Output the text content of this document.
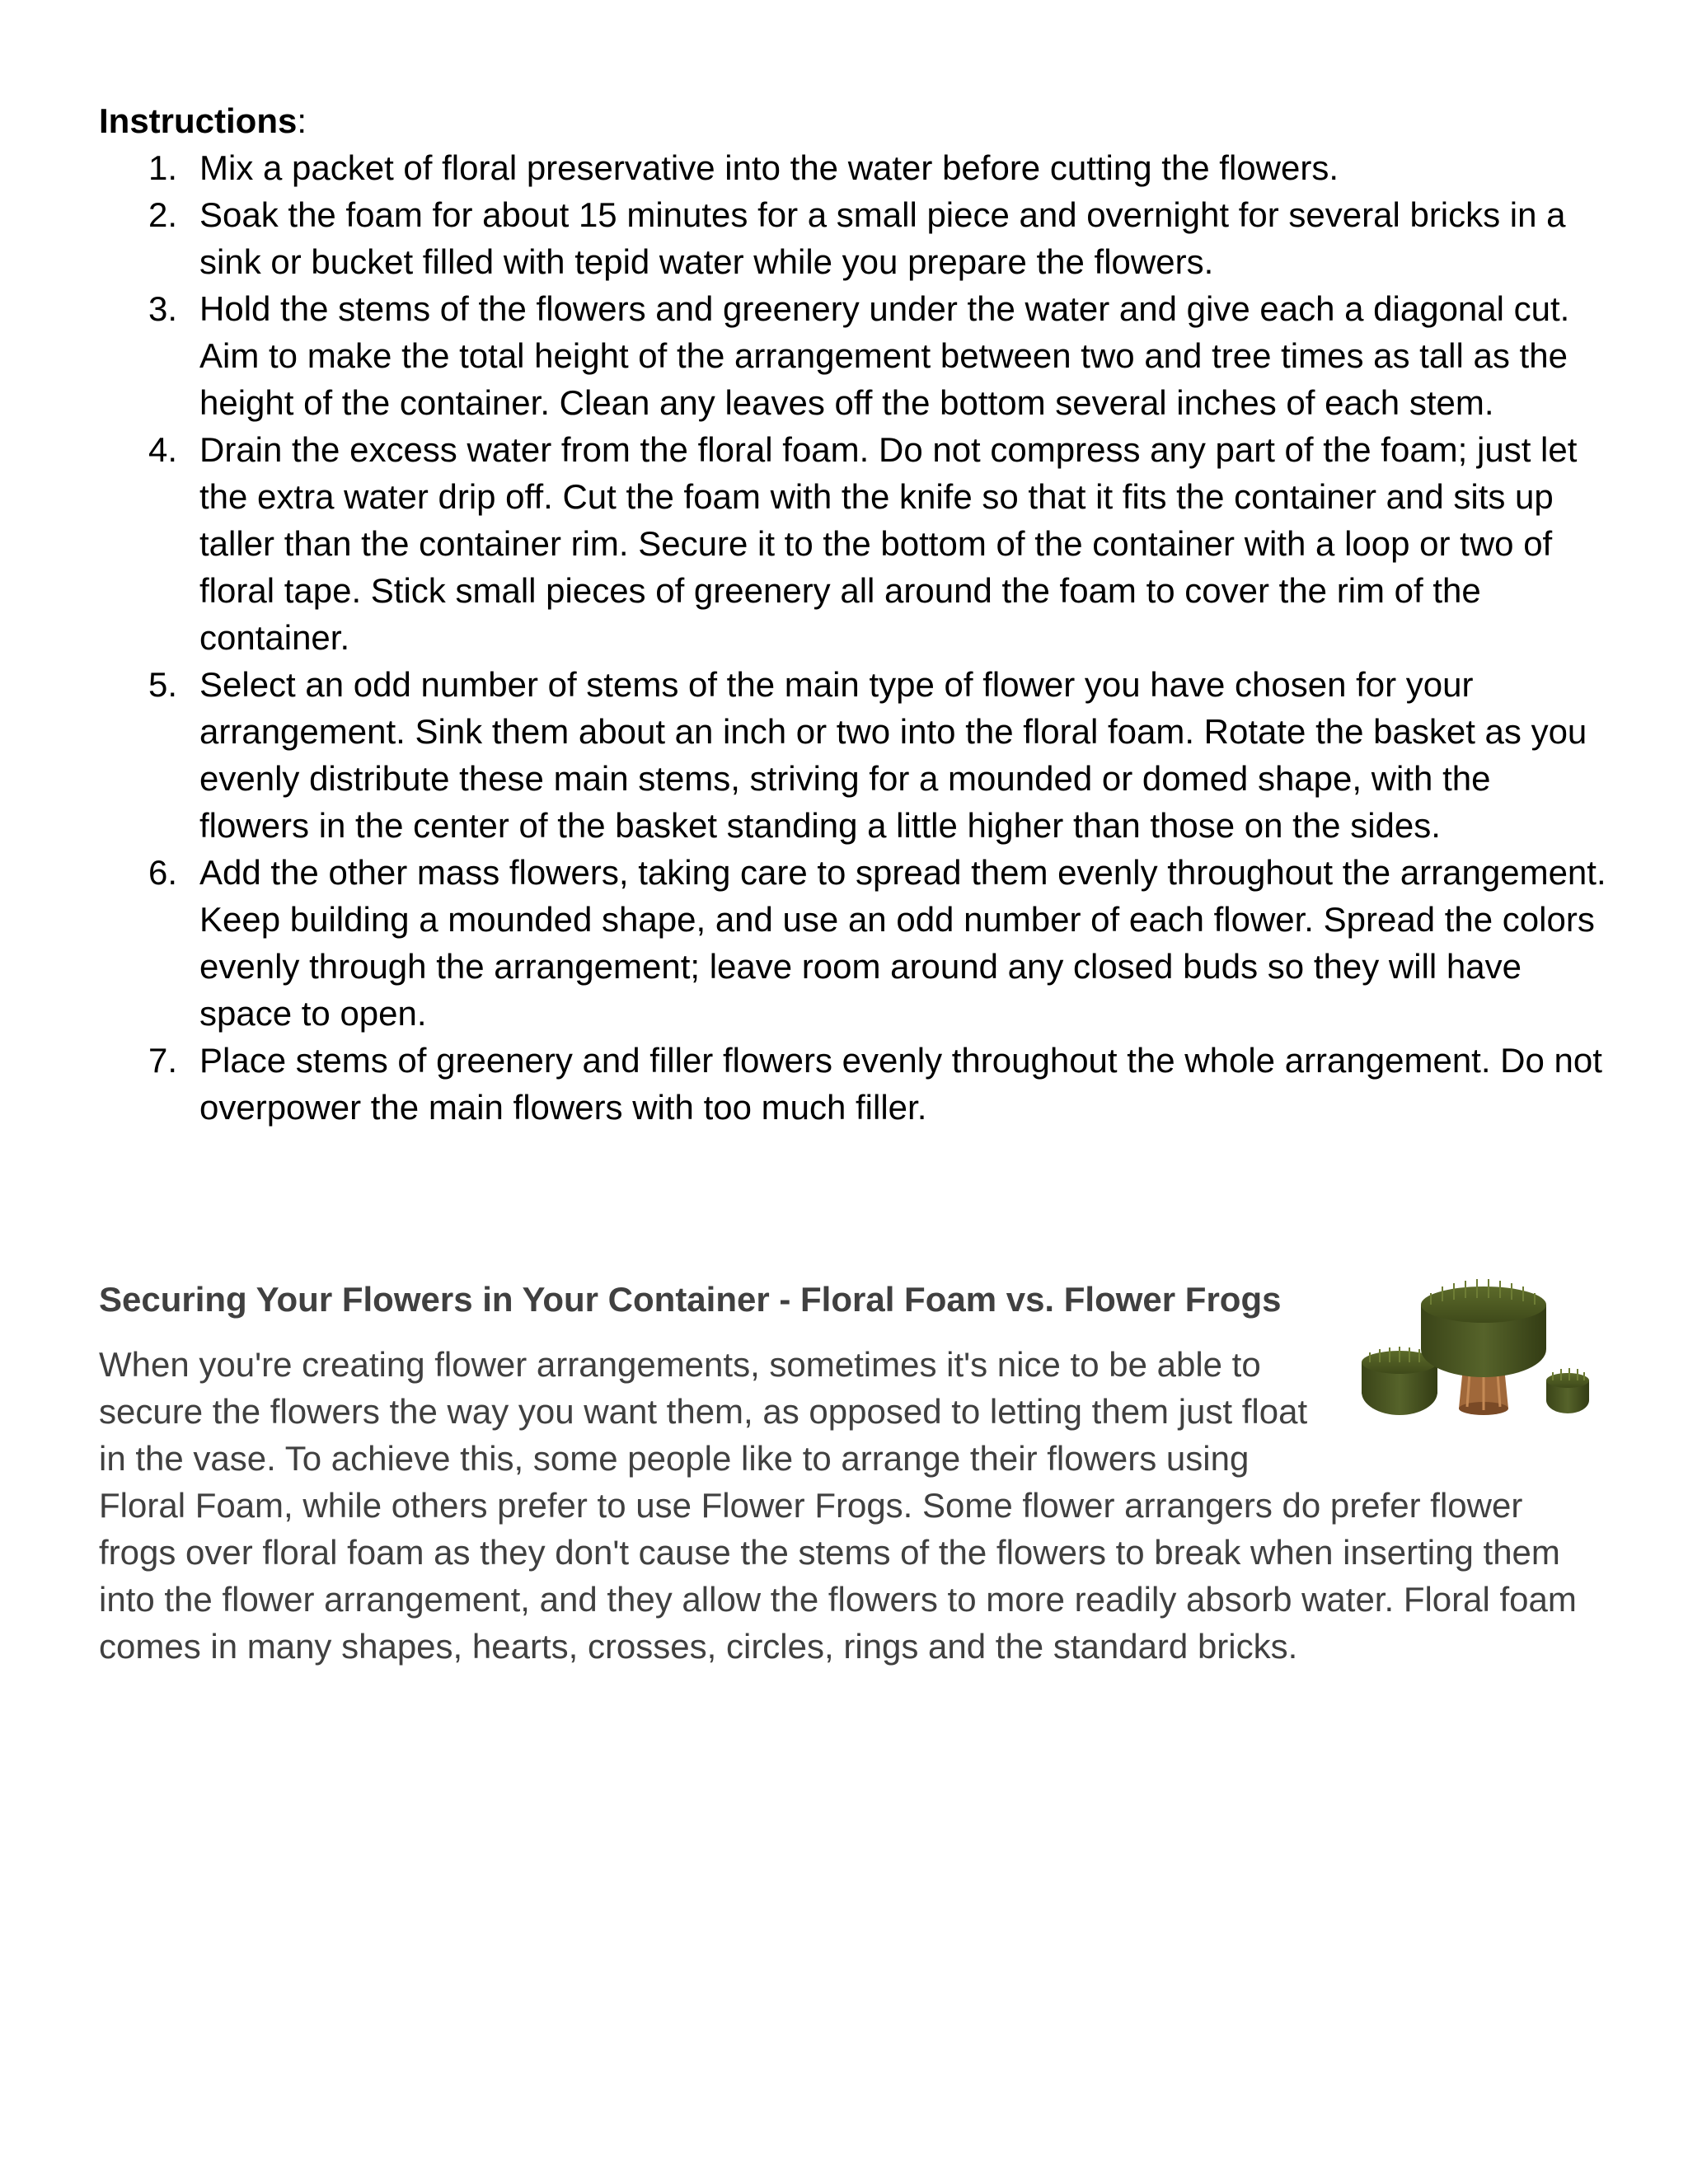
Instructions:

1. Mix a packet of floral preservative into the water before cutting the flowers.
2. Soak the foam for about 15 minutes for a small piece and overnight for several bricks in a sink or bucket filled with tepid water while you prepare the flowers.
3. Hold the stems of the flowers and greenery under the water and give each a diagonal cut. Aim to make the total height of the arrangement between two and tree times as tall as the height of the container. Clean any leaves off the bottom several inches of each stem.
4. Drain the excess water from the floral foam. Do not compress any part of the foam; just let the extra water drip off. Cut the foam with the knife so that it fits the container and sits up taller than the container rim. Secure it to the bottom of the container with a loop or two of floral tape. Stick small pieces of greenery all around the foam to cover the rim of the container.
5. Select an odd number of stems of the main type of flower you have chosen for your arrangement. Sink them about an inch or two into the floral foam. Rotate the basket as you evenly distribute these main stems, striving for a mounded or domed shape, with the flowers in the center of the basket standing a little higher than those on the sides.
6. Add the other mass flowers, taking care to spread them evenly throughout the arrangement. Keep building a mounded shape, and use an odd number of each flower. Spread the colors evenly through the arrangement; leave room around any closed buds so they will have space to open.
7. Place stems of greenery and filler flowers evenly throughout the whole arrangement. Do not overpower the main flowers with too much filler.
Securing Your Flowers in Your Container - Floral Foam vs. Flower Frogs

When you're creating flower arrangements, sometimes it's nice to be able to secure the flowers the way you want them, as opposed to letting them just float in the vase. To achieve this, some people like to arrange their flowers using Floral Foam, while others prefer to use Flower Frogs. Some flower arrangers do prefer flower frogs over floral foam as they don't cause the stems of the flowers to break when inserting them into the flower arrangement, and they allow the flowers to more readily absorb water. Floral foam comes in many shapes, hearts, crosses, circles, rings and the standard bricks.
